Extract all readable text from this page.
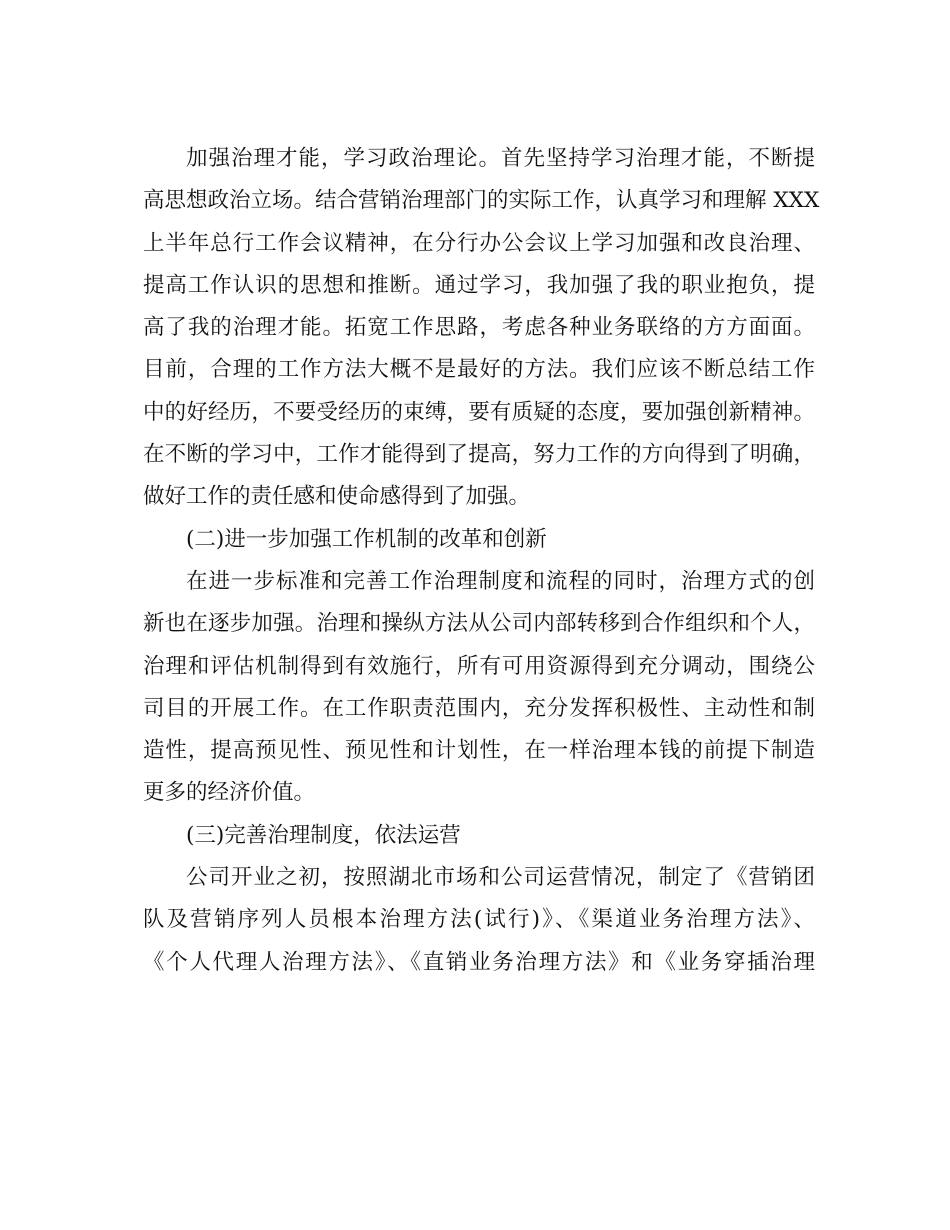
加强治理才能，学习政治理论。首先坚持学习治理才能，不断提
高思想政治立场。结合营销治理部门的实际工作，认真学习和理解 XXX
上半年总行工作会议精神，在分行办公会议上学习加强和改良治理、
提高工作认识的思想和推断。通过学习，我加强了我的职业抱负，提
高了我的治理才能。拓宽工作思路，考虑各种业务联络的方方面面。
目前，合理的工作方法大概不是最好的方法。我们应该不断总结工作
中的好经历，不要受经历的束缚，要有质疑的态度，要加强创新精神。
在不断的学习中，工作才能得到了提高，努力工作的方向得到了明确，
做好工作的责任感和使命感得到了加强。
(二)进一步加强工作机制的改革和创新
在进一步标准和完善工作治理制度和流程的同时，治理方式的创
新也在逐步加强。治理和操纵方法从公司内部转移到合作组织和个人，
治理和评估机制得到有效施行，所有可用资源得到充分调动，围绕公
司目的开展工作。在工作职责范围内，充分发挥积极性、主动性和制
造性，提高预见性、预见性和计划性，在一样治理本钱的前提下制造
更多的经济价值。
(三)完善治理制度，依法运营
公司开业之初，按照湖北市场和公司运营情况，制定了《营销团
队及营销序列人员根本治理方法(试行)》、《渠道业务治理方法》、
《个人代理人治理方法》、《直销业务治理方法》和《业务穿插治理
